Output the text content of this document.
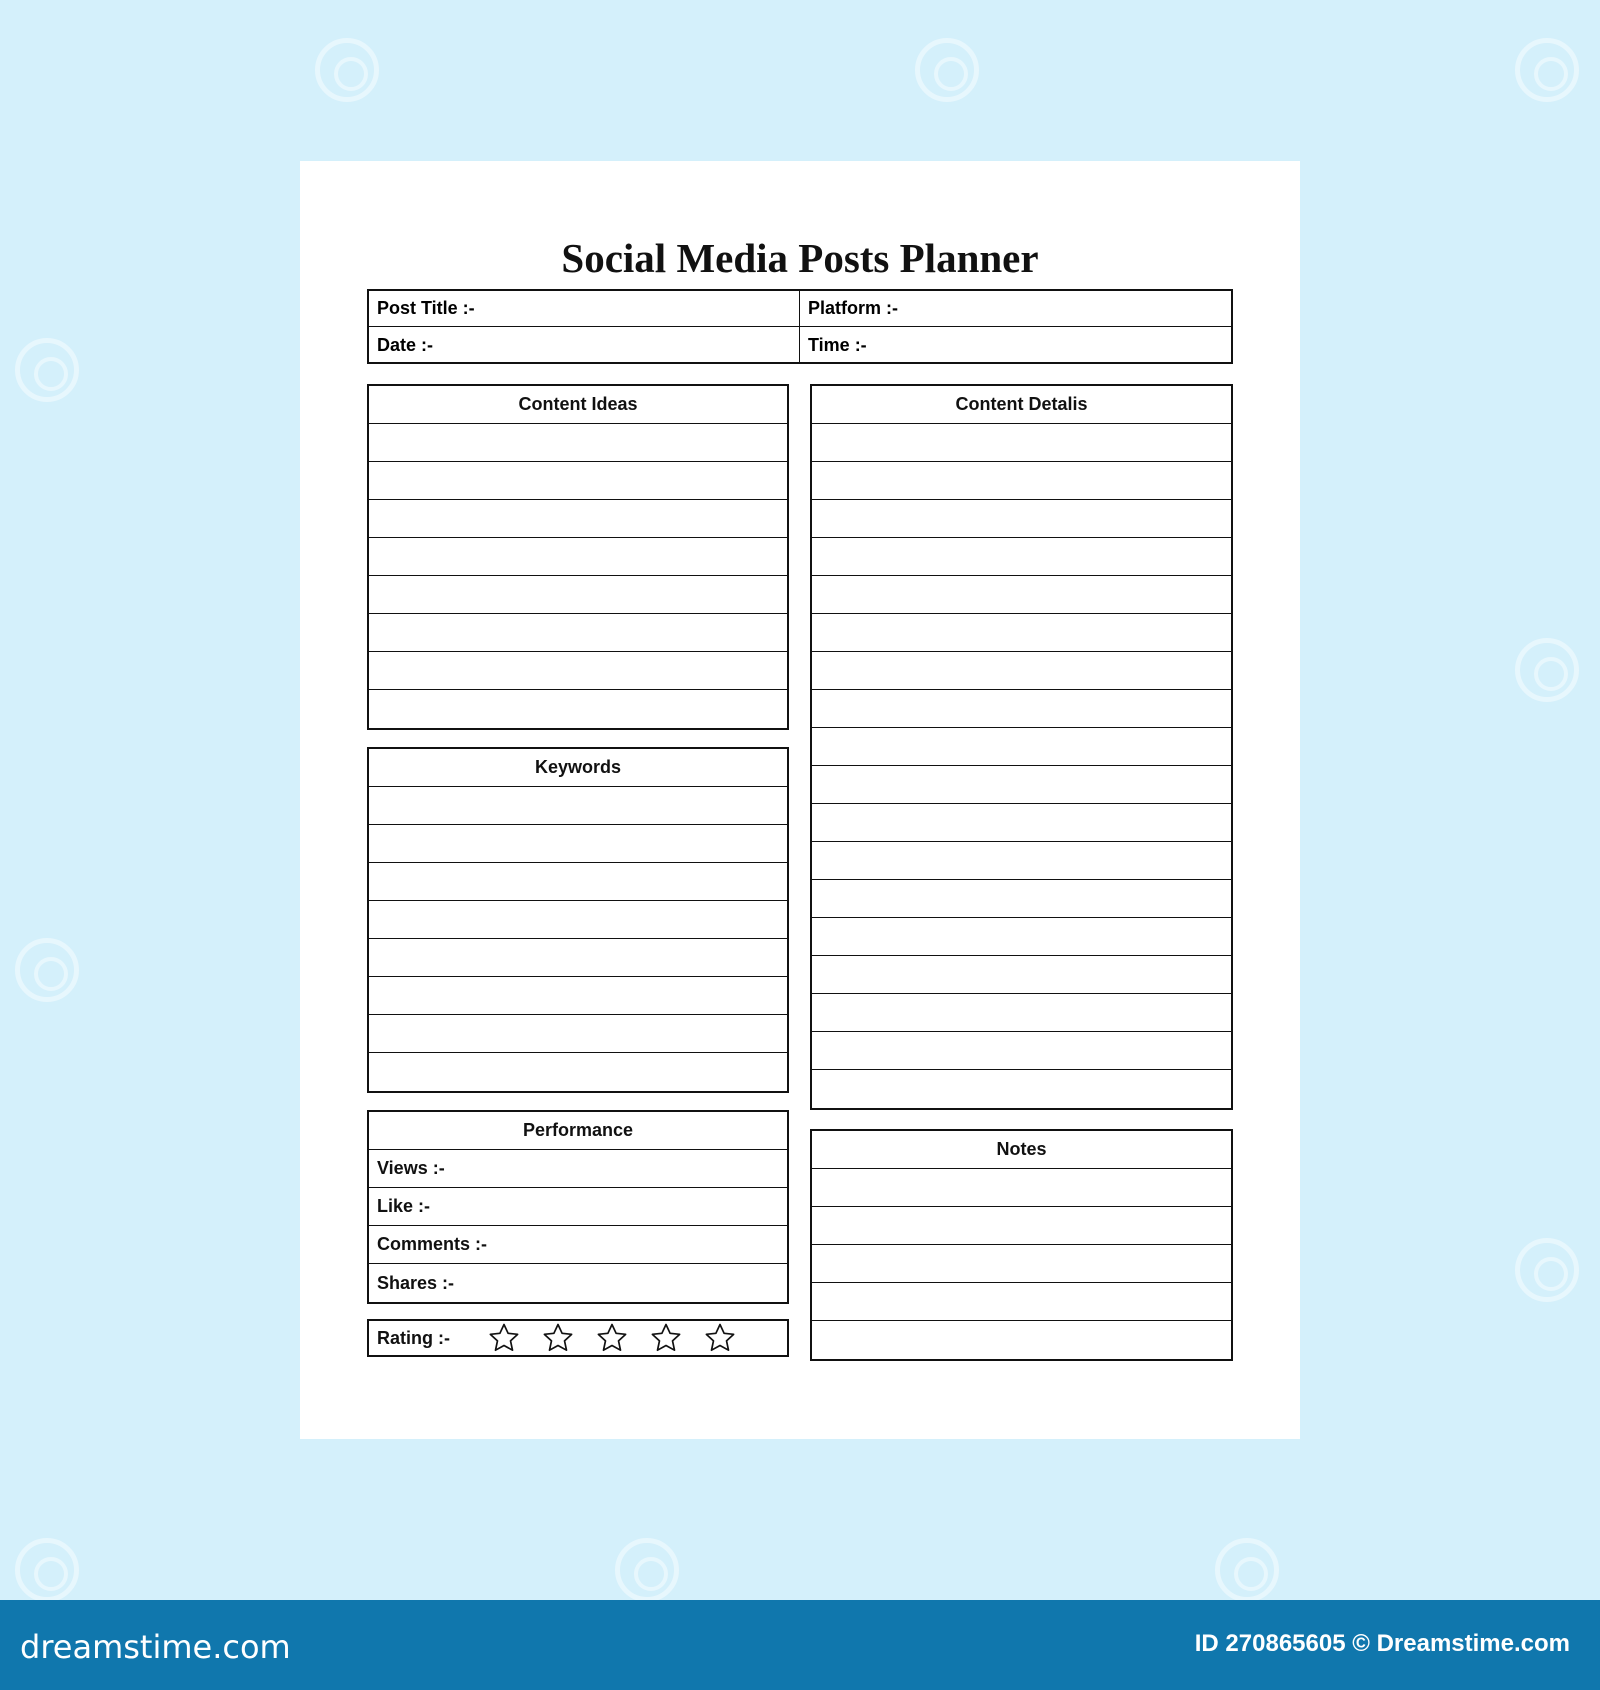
Social Media Posts Planner
Post Title :-	Platform :-
Date :-	Time :-
Content Ideas
Keywords
Performance
Views :-
Like :-
Comments :-
Shares :-
Rating :-
Content Detalis
Notes
dreamstime.com	ID 270865605 © Dreamstime.com
